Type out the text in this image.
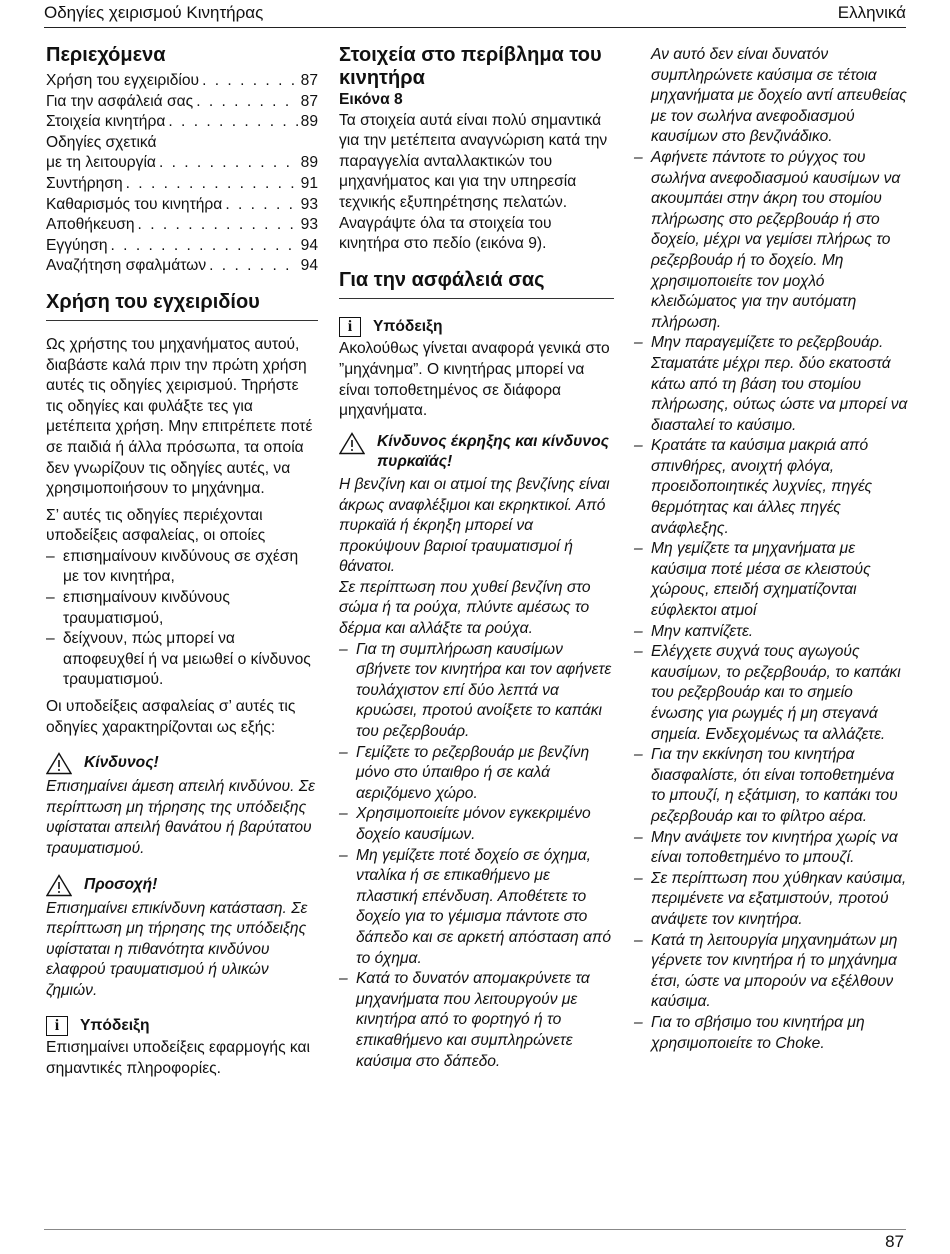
Οδηγίες χειρισμού Κινητήρας	Ελληνικά
Περιεχόμενα
Χρήση του εγχειριδίου . . .	87
Για την ασφάλειά σας . . .	87
Στοιχεία κινητήρα . . .	89
Οδηγίες σχετικά
με τη λειτουργία . . .	89
Συντήρηση . . .	91
Καθαρισμός του κινητήρα . . .	93
Αποθήκευση . . .	93
Εγγύηση . . .	94
Αναζήτηση σφαλμάτων . . .	94
Χρήση του εγχειριδίου

Ως χρήστης του μηχανήματος αυτού, διαβάστε καλά πριν την πρώτη χρήση αυτές τις οδηγίες χειρισμού. Τηρήστε τις οδηγίες και φυλάξτε τες για μετέπειτα χρήση. Μην επιτρέπετε ποτέ σε παιδιά ή άλλα πρόσωπα, τα οποία δεν γνωρίζουν τις οδηγίες αυτές, να χρησιμοποιήσουν το μηχάνημα.

Σ’ αυτές τις οδηγίες περιέχονται υποδείξεις ασφαλείας, οι οποίες

– επισημαίνουν κινδύνους σε σχέση με τον κινητήρα,
– επισημαίνουν κινδύνους τραυματισμού,
– δείχνουν, πώς μπορεί να αποφευχθεί ή να μειωθεί ο κίνδυνος τραυματισμού.

Οι υποδείξεις ασφαλείας σ’ αυτές τις οδηγίες χαρακτηρίζονται ως εξής:

Κίνδυνος!

Επισημαίνει άμεση απειλή κινδύνου. Σε περίπτωση μη τήρησης της υπόδειξης υφίσταται απειλή θανάτου ή βαρύτατου τραυματισμού.

Προσοχή!

Επισημαίνει επικίνδυνη κατάσταση. Σε περίπτωση μη τήρησης της υπόδειξης υφίσταται η πιθανότητα κινδύνου ελαφρού τραυματισμού ή υλικών ζημιών.

i	Υπόδειξη

Επισημαίνει υποδείξεις εφαρμογής και σημαντικές πληροφορίες.

Στοιχεία στο περίβλημα του κινητήρα
Εικόνα 8

Τα στοιχεία αυτά είναι πολύ σημαντικά για την μετέπειτα αναγνώριση κατά την παραγγελία ανταλλακτικών του μηχανήματος και για την υπηρεσία τεχνικής εξυπηρέτησης πελατών. Αναγράψτε όλα τα στοιχεία του κινητήρα στο πεδίο (εικόνα 9).

Για την ασφάλειά σας
i	Υπόδειξη

Ακολούθως γίνεται αναφορά γενικά στο ”μηχάνημα”. Ο κινητήρας μπορεί να είναι τοποθετημένος σε διάφορα μηχανήματα.

Κίνδυνος έκρηξης και κίνδυνος πυρκαϊάς!

Η βενζίνη και οι ατμοί της βενζίνης είναι άκρως αναφλέξιμοι και εκρηκτικοί. Από πυρκαϊά ή έκρηξη μπορεί να προκύψουν βαριοί τραυματισμοί ή θάνατοι.

Σε περίπτωση που χυθεί βενζίνη στο σώμα ή τα ρούχα, πλύντε αμέσως το δέρμα και αλλάξτε τα ρούχα.

– Για τη συμπλήρωση καυσίμων σβήνετε τον κινητήρα και τον αφήνετε τουλάχιστον επί δύο λεπτά να κρυώσει, προτού ανοίξετε το καπάκι του ρεζερβουάρ.
– Γεμίζετε το ρεζερβουάρ με βενζίνη μόνο στο ύπαιθρο ή σε καλά αεριζόμενο χώρο.
– Χρησιμοποιείτε μόνον εγκεκριμένο δοχείο καυσίμων.
– Μη γεμίζετε ποτέ δοχείο σε όχημα, νταλίκα ή σε επικαθήμενο με πλαστική επένδυση. Αποθέτετε το δοχείο για το γέμισμα πάντοτε στο δάπεδο και σε αρκετή απόσταση από το όχημα.
– Κατά το δυνατόν απομακρύνετε τα μηχανήματα που λειτουργούν με κινητήρα από το φορτηγό ή το επικαθήμενο και συμπληρώνετε καύσιμα στο δάπεδο.
Αν αυτό δεν είναι δυνατόν συμπληρώνετε καύσιμα σε τέτοια μηχανήματα με δοχείο αντί απευθείας με τον σωλήνα ανεφοδιασμού καυσίμων στο βενζινάδικο.
– Αφήνετε πάντοτε το ρύγχος του σωλήνα ανεφοδιασμού καυσίμων να ακουμπάει στην άκρη του στομίου πλήρωσης στο ρεζερβουάρ ή στο δοχείο, μέχρι να γεμίσει πλήρως το ρεζερβουάρ ή το δοχείο. Μη χρησιμοποιείτε τον μοχλό κλειδώματος για την αυτόματη πλήρωση.
– Μην παραγεμίζετε το ρεζερβουάρ. Σταματάτε μέχρι περ. δύο εκατοστά κάτω από τη βάση του στομίου πλήρωσης, ούτως ώστε να μπορεί να διασταλεί το καύσιμο.
– Κρατάτε τα καύσιμα μακριά από σπινθήρες, ανοιχτή φλόγα, προειδοποιητικές λυχνίες, πηγές θερμότητας και άλλες πηγές ανάφλεξης.
– Μη γεμίζετε τα μηχανήματα με καύσιμα ποτέ μέσα σε κλειστούς χώρους, επειδή σχηματίζονται εύφλεκτοι ατμοί
– Μην καπνίζετε.
– Ελέγχετε συχνά τους αγωγούς καυσίμων, το ρεζερβουάρ, το καπάκι του ρεζερβουάρ και το σημείο ένωσης για ρωγμές ή μη στεγανά σημεία. Ενδεχομένως τα αλλάζετε.
– Για την εκκίνηση του κινητήρα διασφαλίστε, ότι είναι τοποθετημένα το μπουζί, η εξάτμιση, το καπάκι του ρεζερβουάρ και το φίλτρο αέρα.
– Μην ανάψετε τον κινητήρα χωρίς να είναι τοποθετημένο το μπουζί.
– Σε περίπτωση που χύθηκαν καύσιμα, περιμένετε να εξατμιστούν, προτού ανάψετε τον κινητήρα.
– Κατά τη λειτουργία μηχανημάτων μη γέρνετε τον κινητήρα ή το μηχάνημα έτσι, ώστε να μπορούν να εξέλθουν καύσιμα.
– Για το σβήσιμο του κινητήρα μη χρησιμοποιείτε το Choke.
87
